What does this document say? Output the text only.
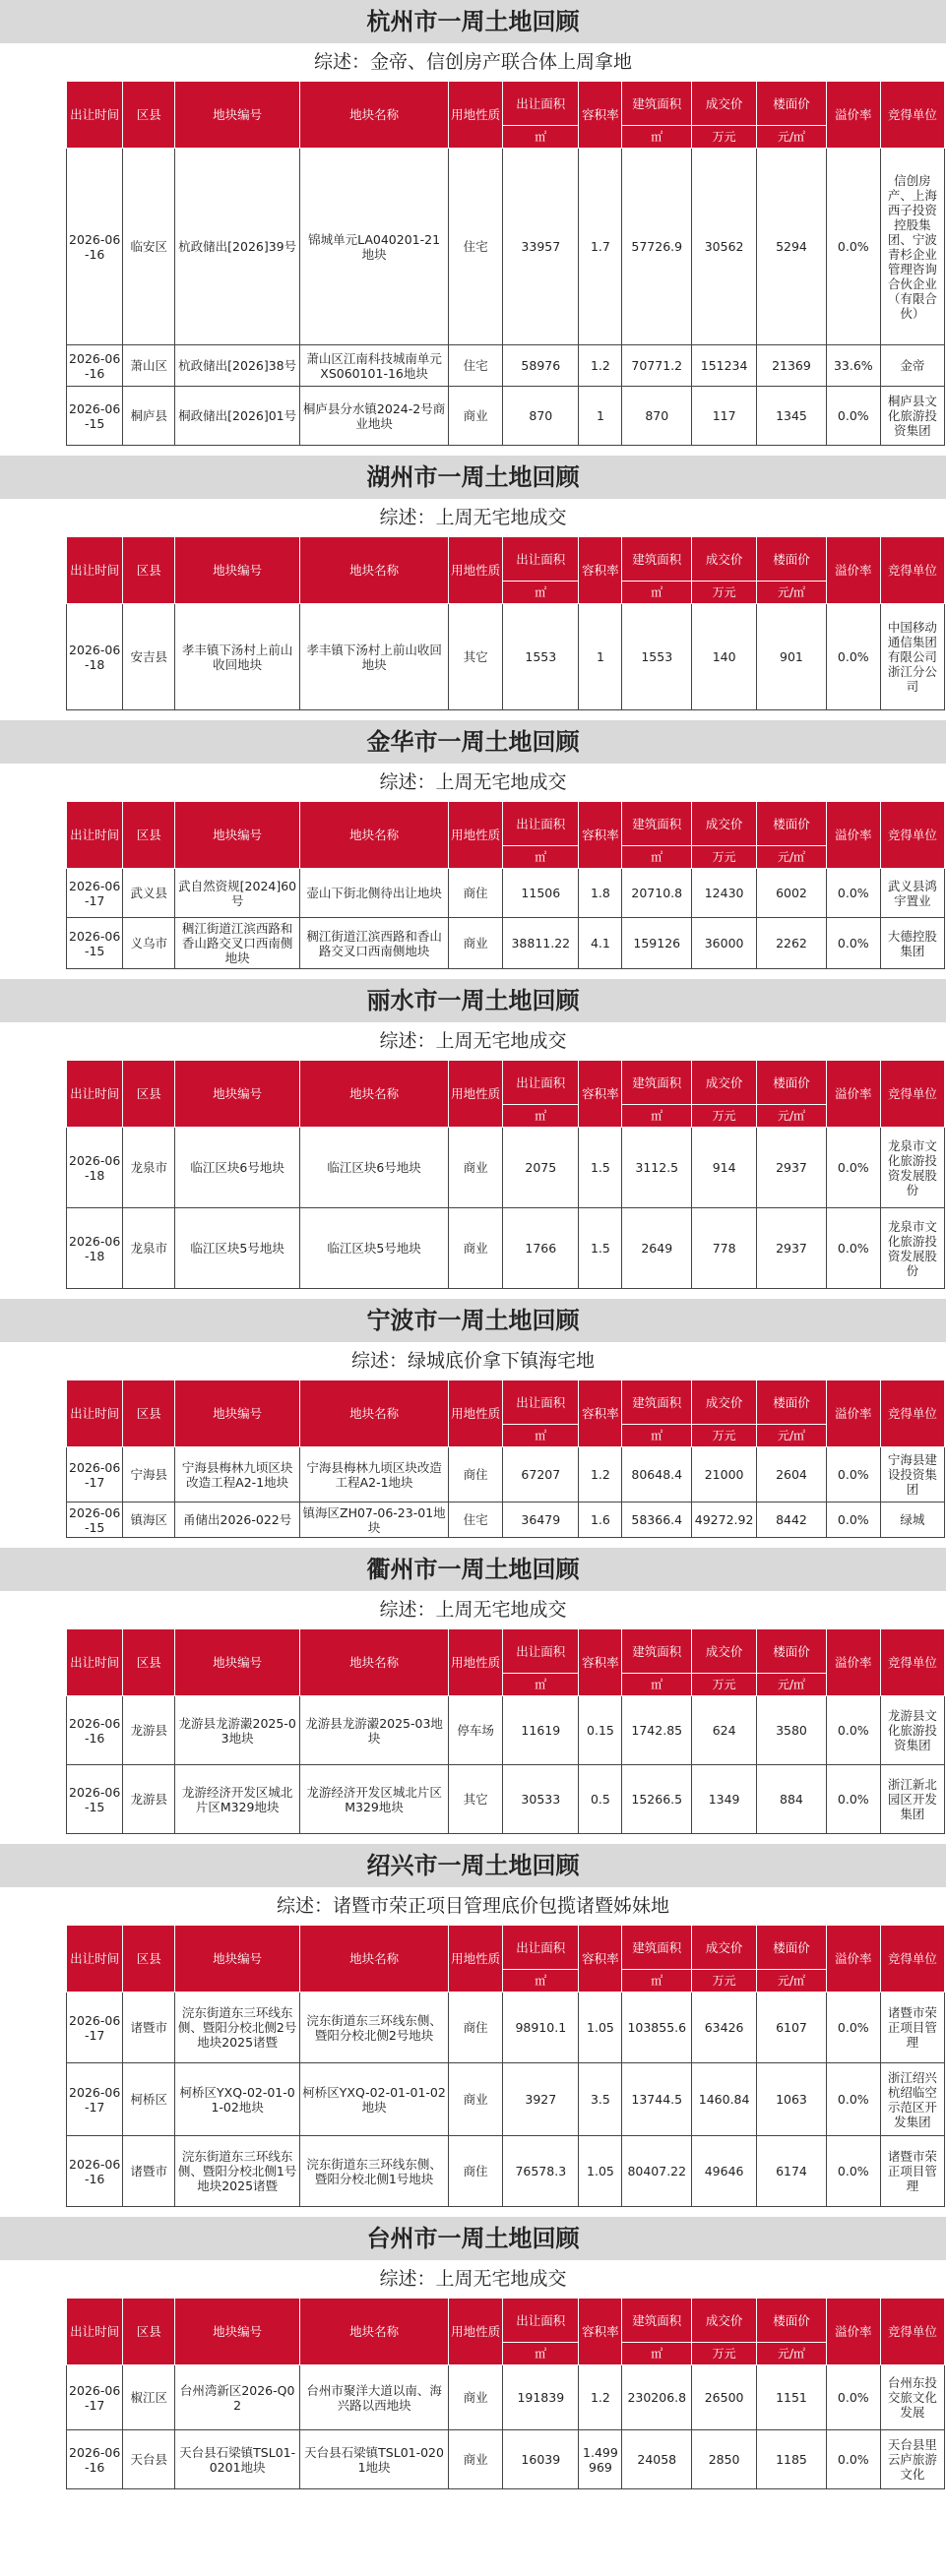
杭州市一周土地回顾
综述：金帝、信创房产联合体上周拿地
出让时间	区县	地块编号	地块名称	用地性质	出让面积	容积率	建筑面积	成交价	楼面价	溢价率	竞得单位
					㎡		㎡	万元	元/㎡		
2026-06-16	临安区	杭政储出[2026]39号	锦城单元LA040201-21地块	住宅	33957	1.7	57726.9	30562	5294	0.0%	信创房产、上海西子投资控股集团、宁波青杉企业管理咨询合伙企业（有限合伙）
2026-06-16	萧山区	杭政储出[2026]38号	萧山区江南科技城南单元XS060101-16地块	住宅	58976	1.2	70771.2	151234	21369	33.6%	金帝
2026-06-15	桐庐县	桐政储出[2026]01号	桐庐县分水镇2024-2号商业地块	商业	870	1	870	117	1345	0.0%	桐庐县文化旅游投资集团
湖州市一周土地回顾
综述：上周无宅地成交
出让时间	区县	地块编号	地块名称	用地性质	出让面积	容积率	建筑面积	成交价	楼面价	溢价率	竞得单位
					㎡		㎡	万元	元/㎡		
2026-06-18	安吉县	孝丰镇下汤村上前山收回地块	孝丰镇下汤村上前山收回地块	其它	1553	1	1553	140	901	0.0%	中国移动通信集团有限公司浙江分公司
金华市一周土地回顾
综述：上周无宅地成交
出让时间	区县	地块编号	地块名称	用地性质	出让面积	容积率	建筑面积	成交价	楼面价	溢价率	竞得单位
					㎡		㎡	万元	元/㎡		
2026-06-17	武义县	武自然资规[2024]60号	壶山下街北侧待出让地块	商住	11506	1.8	20710.8	12430	6002	0.0%	武义县鸿宇置业
2026-06-15	义乌市	稠江街道江滨西路和香山路交叉口西南侧地块	稠江街道江滨西路和香山路交叉口西南侧地块	商业	38811.22	4.1	159126	36000	2262	0.0%	大德控股集团
丽水市一周土地回顾
综述：上周无宅地成交
出让时间	区县	地块编号	地块名称	用地性质	出让面积	容积率	建筑面积	成交价	楼面价	溢价率	竞得单位
					㎡		㎡	万元	元/㎡		
2026-06-18	龙泉市	临江区块6号地块	临江区块6号地块	商业	2075	1.5	3112.5	914	2937	0.0%	龙泉市文化旅游投资发展股份
2026-06-18	龙泉市	临江区块5号地块	临江区块5号地块	商业	1766	1.5	2649	778	2937	0.0%	龙泉市文化旅游投资发展股份
宁波市一周土地回顾
综述：绿城底价拿下镇海宅地
出让时间	区县	地块编号	地块名称	用地性质	出让面积	容积率	建筑面积	成交价	楼面价	溢价率	竞得单位
					㎡		㎡	万元	元/㎡		
2026-06-17	宁海县	宁海县梅林九顷区块改造工程A2-1地块	宁海县梅林九顷区块改造工程A2-1地块	商住	67207	1.2	80648.4	21000	2604	0.0%	宁海县建设投资集团
2026-06-15	镇海区	甬储出2026-022号	镇海区ZH07-06-23-01地块	住宅	36479	1.6	58366.4	49272.92	8442	0.0%	绿城
衢州市一周土地回顾
综述：上周无宅地成交
出让时间	区县	地块编号	地块名称	用地性质	出让面积	容积率	建筑面积	成交价	楼面价	溢价率	竞得单位
					㎡		㎡	万元	元/㎡		
2026-06-16	龙游县	龙游县龙游瀫2025-03地块	龙游县龙游瀫2025-03地块	停车场	11619	0.15	1742.85	624	3580	0.0%	龙游县文化旅游投资集团
2026-06-15	龙游县	龙游经济开发区城北片区M329地块	龙游经济开发区城北片区M329地块	其它	30533	0.5	15266.5	1349	884	0.0%	浙江新北园区开发集团
绍兴市一周土地回顾
综述：诸暨市荣正项目管理底价包揽诸暨姊妹地
出让时间	区县	地块编号	地块名称	用地性质	出让面积	容积率	建筑面积	成交价	楼面价	溢价率	竞得单位
					㎡		㎡	万元	元/㎡		
2026-06-17	诸暨市	浣东街道东三环线东侧、暨阳分校北侧2号地块2025诸暨	浣东街道东三环线东侧、暨阳分校北侧2号地块	商住	98910.1	1.05	103855.6	63426	6107	0.0%	诸暨市荣正项目管理
2026-06-17	柯桥区	柯桥区YXQ-02-01-01-02地块	柯桥区YXQ-02-01-01-02地块	商业	3927	3.5	13744.5	1460.84	1063	0.0%	浙江绍兴杭绍临空示范区开发集团
2026-06-16	诸暨市	浣东街道东三环线东侧、暨阳分校北侧1号地块2025诸暨	浣东街道东三环线东侧、暨阳分校北侧1号地块	商住	76578.3	1.05	80407.22	49646	6174	0.0%	诸暨市荣正项目管理
台州市一周土地回顾
综述：上周无宅地成交
出让时间	区县	地块编号	地块名称	用地性质	出让面积	容积率	建筑面积	成交价	楼面价	溢价率	竞得单位
					㎡		㎡	万元	元/㎡		
2026-06-17	椒江区	台州湾新区2026-Q02	台州市聚洋大道以南、海兴路以西地块	商业	191839	1.2	230206.8	26500	1151	0.0%	台州东投交旅文化发展
2026-06-16	天台县	天台县石梁镇TSL01-0201地块	天台县石梁镇TSL01-0201地块	商业	16039	1.499969	24058	2850	1185	0.0%	天台县里云庐旅游文化
